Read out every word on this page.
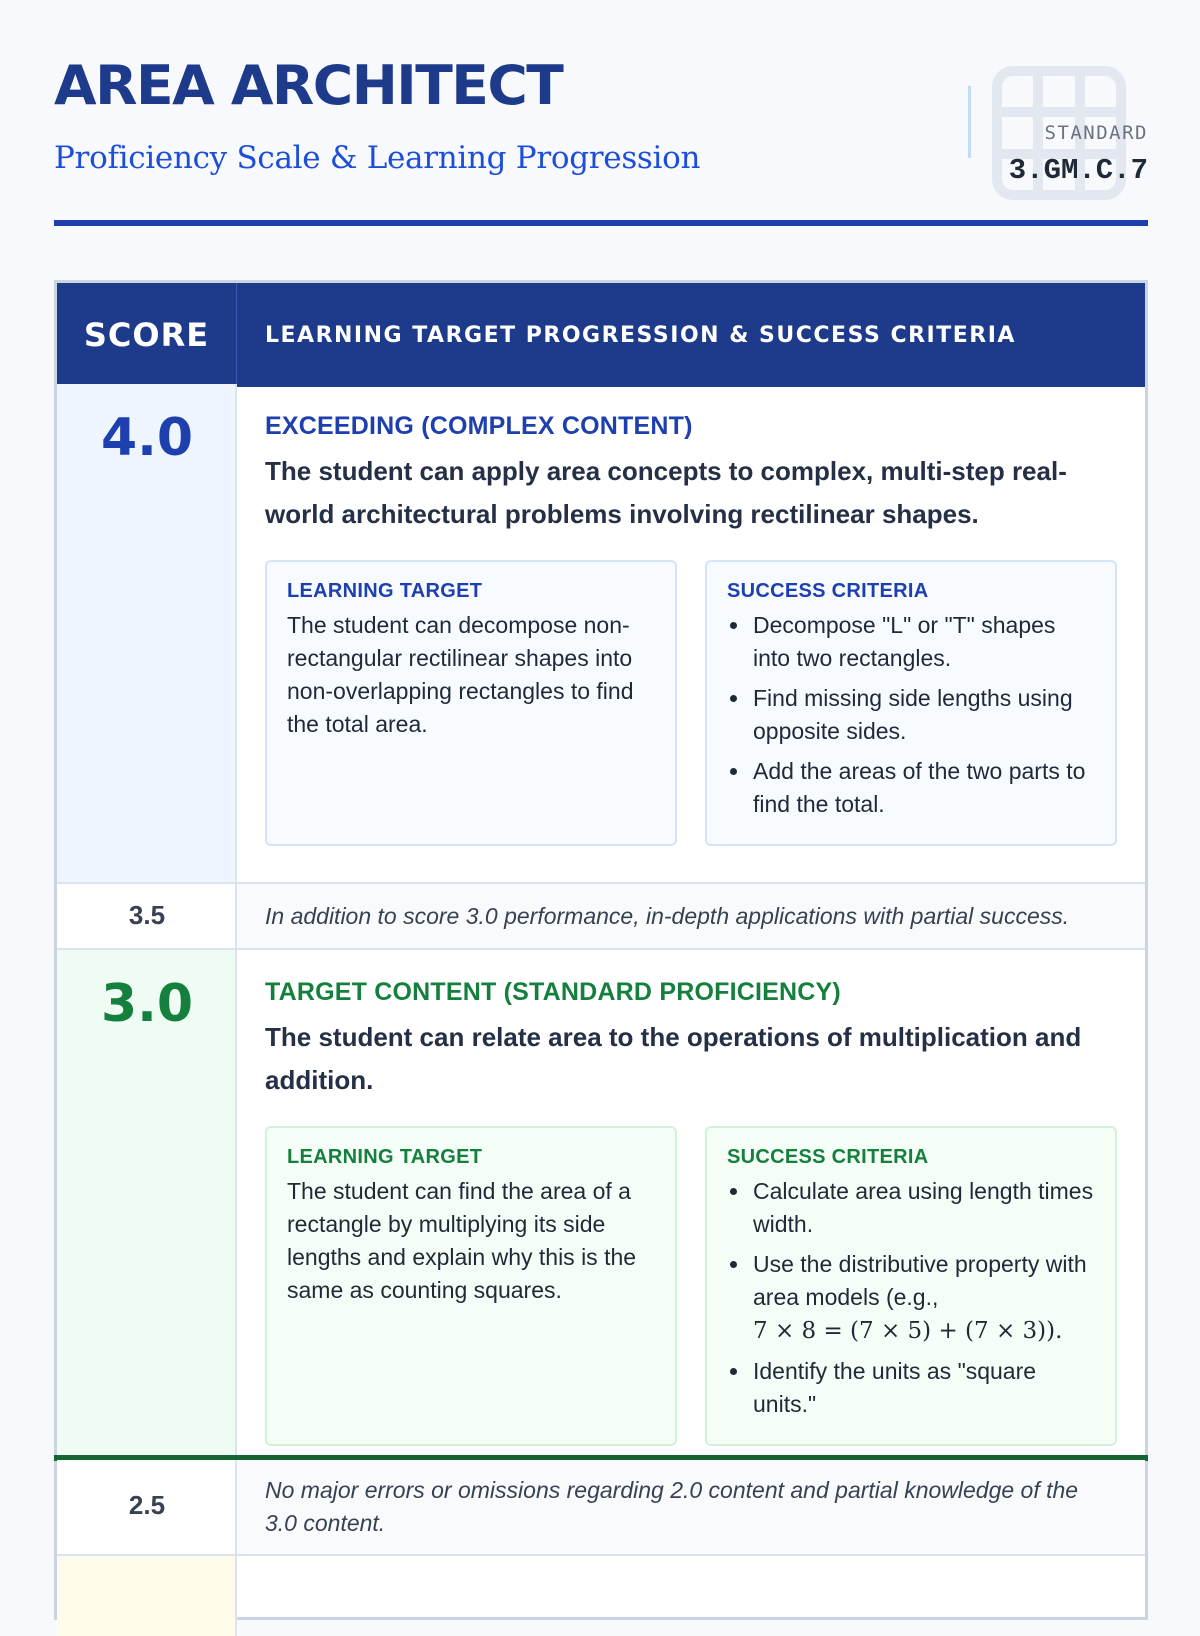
AREA ARCHITECT

Proficiency Scale & Learning Progression

STANDARD
3.GM.C.7
SCORE	LEARNING TARGET PROGRESSION & SUCCESS CRITERIA
4.0	EXCEEDING (COMPLEX CONTENT)
The student can apply area concepts to complex, multi-step real-world architectural problems involving rectilinear shapes.
LEARNING TARGET
The student can decompose non-rectangular rectilinear shapes into non-overlapping rectangles to find the total area.
SUCCESS CRITERIA
• Decompose "L" or "T" shapes into two rectangles.
• Find missing side lengths using opposite sides.
• Add the areas of the two parts to find the total.
3.5	In addition to score 3.0 performance, in-depth applications with partial success.
3.0	TARGET CONTENT (STANDARD PROFICIENCY)
The student can relate area to the operations of multiplication and addition.
LEARNING TARGET
The student can find the area of a rectangle by multiplying its side lengths and explain why this is the same as counting squares.
SUCCESS CRITERIA
• Calculate area using length times width.
• Use the distributive property with area models (e.g.,
7 × 8 = (7 × 5) + (7 × 3)).
• Identify the units as "square units."
2.5	No major errors or omissions regarding 2.0 content and partial knowledge of the 3.0 content.
